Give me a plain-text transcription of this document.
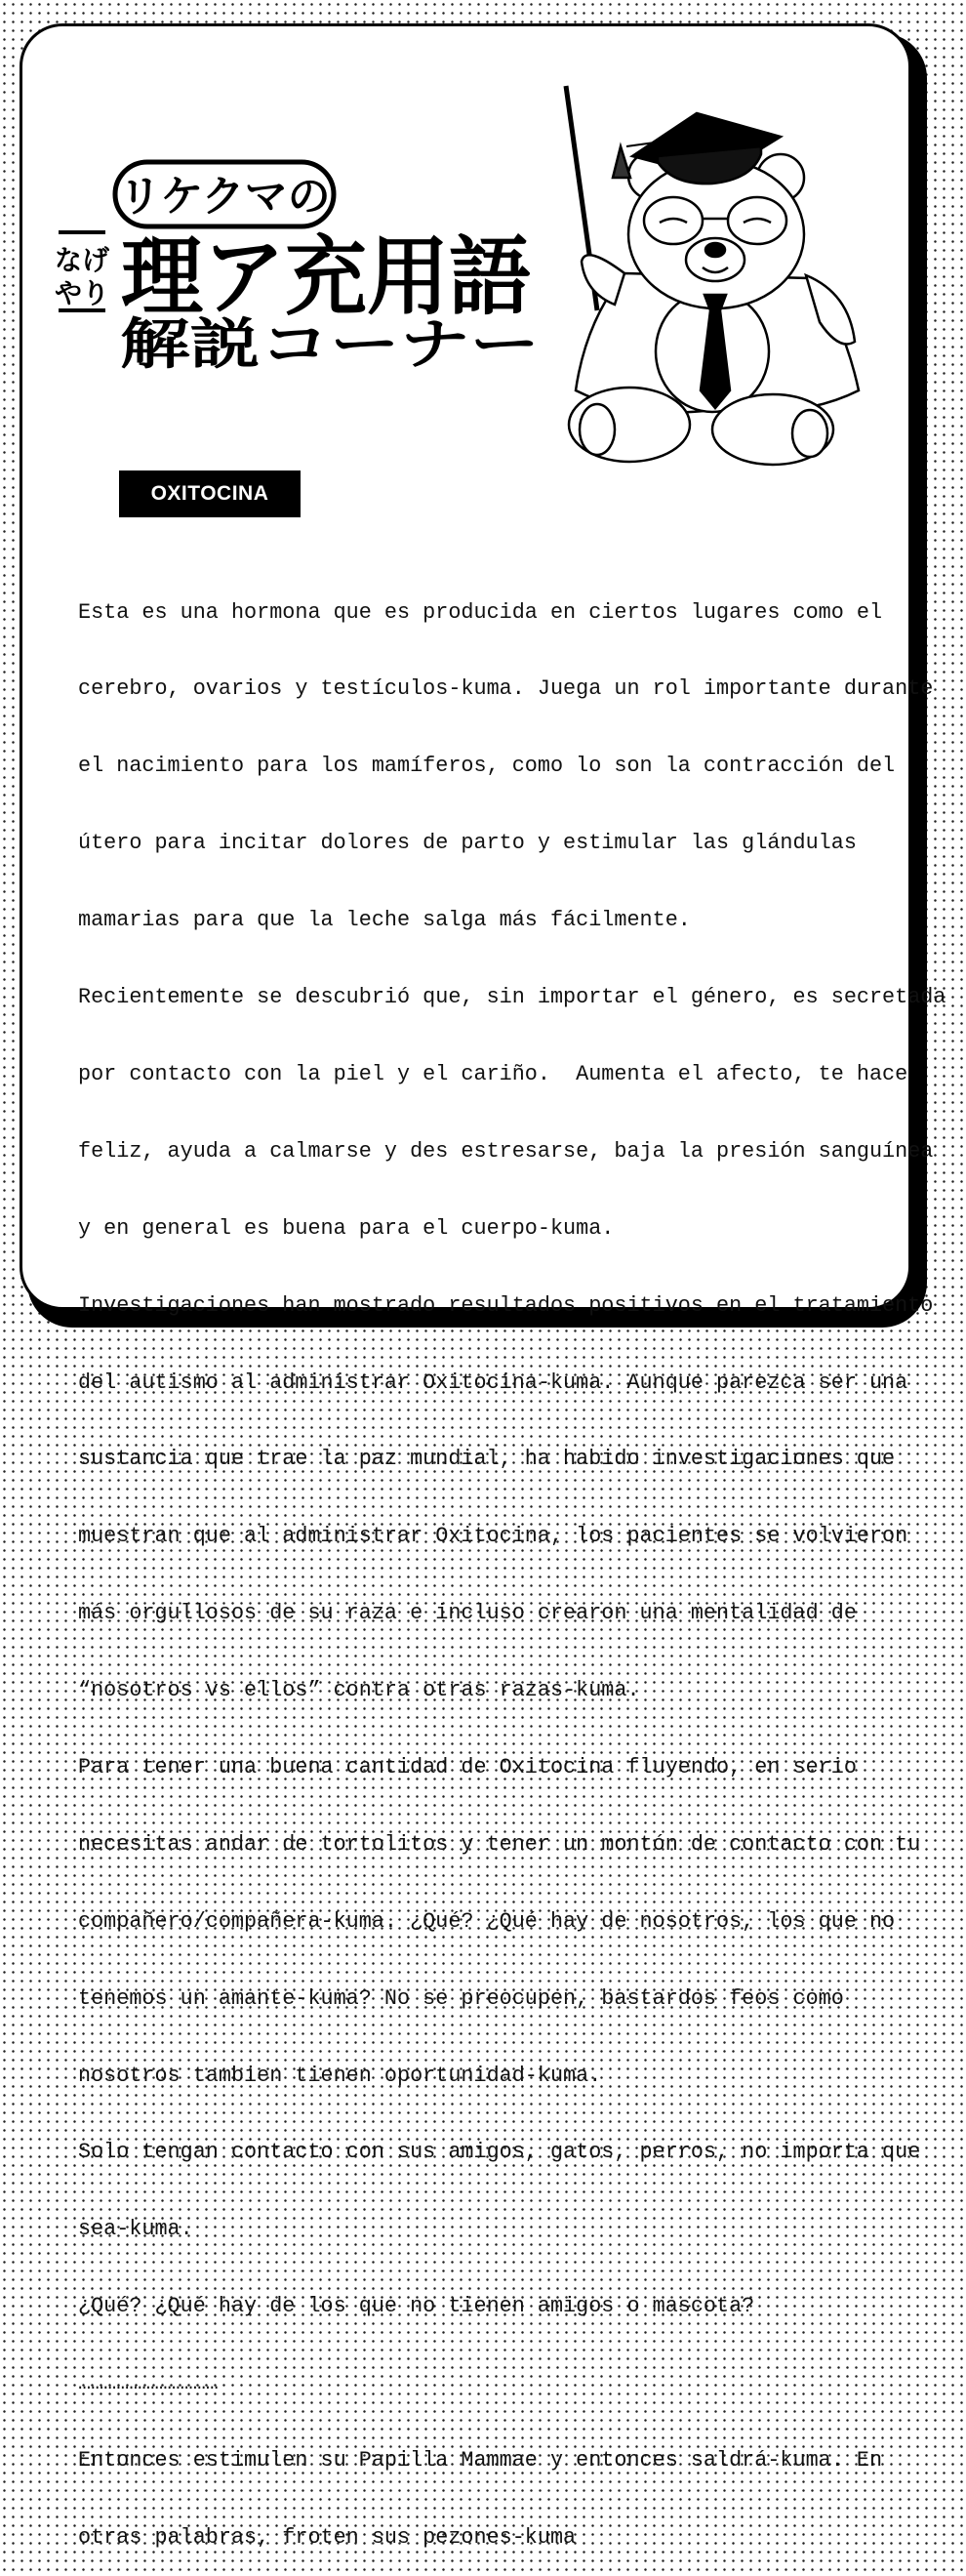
リケクマの
なげ
やり 理ア充用語
解説コーナー
OXITOCINA

Esta es una hormona que es producida en ciertos lugares como el

cerebro, ovarios y testículos-kuma. Juega un rol importante durante

el nacimiento para los mamíferos, como lo son la contracción del

útero para incitar dolores de parto y estimular las glándulas

mamarias para que la leche salga más fácilmente.

Recientemente se descubrió que, sin importar el género, es secretada

por contacto con la piel y el cariño.  Aumenta el afecto, te hace

feliz, ayuda a calmarse y des estresarse, baja la presión sanguínea

y en general es buena para el cuerpo-kuma.

Investigaciones han mostrado resultados positivos en el tratamiento

del autismo al administrar Oxitocina-kuma. Aunque parezca ser una

sustancia que trae la paz mundial, ha habido investigaciones que

muestran que al administrar Oxitocina, los pacientes se volvieron

más orgullosos de su raza e incluso crearon una mentalidad de

“nosotros vs ellos” contra otras razas-kuma.

Para tener una buena cantidad de Oxitocina fluyendo, en serio

necesitas andar de tortolitos y tener un montón de contacto con tu

compañero/compañera-kuma. ¿Qué? ¿Qué hay de nosotros, los que no

tenemos un amante-kuma? No se preocupen, bastardos feos como

nosotros tambien tienen oportunidad-kuma.

Solo tengan contacto con sus amigos, gatos, perros, no importa que

sea-kuma.

¿Qué? ¿Qué hay de los que no tienen amigos o mascota?

……………………………

Entonces estimulen su Papilla Mammae y entonces saldrá-kuma. En

otras palabras, froten sus pezones-kuma
